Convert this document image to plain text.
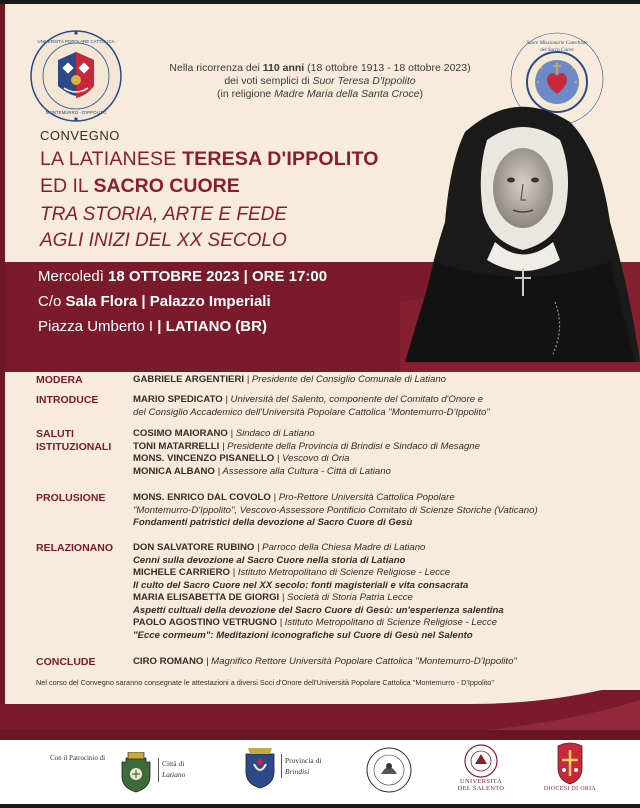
UNIVERSITÀ POPOLARE CATTOLICA
MONTEMURRO - D'IPPOLITO
Suore Missionarie Catechiste
del Sacro Cuore
Nella ricorrenza dei 110 anni (18 ottobre 1913 - 18 ottobre 2023)
dei voti semplici di Suor Teresa D'Ippolito
(in religione Madre Maria della Santa Croce)
CONVEGNO
LA LATIANESE TERESA D'IPPOLITO
ED IL SACRO CUORE
TRA STORIA, ARTE E FEDE
AGLI INIZI DEL XX SECOLO
Mercoledì 18 OTTOBRE 2023 | ORE 17:00
C/o Sala Flora | Palazzo Imperiali
Piazza Umberto I | LATIANO (BR)
MODERA	GABRIELE ARGENTIERI | Presidente del Consiglio Comunale di Latiano
INTRODUCE	MARIO SPEDICATO | Università del Salento, componente del Comitato d'Onore e
del Consiglio Accademico dell'Università Popolare Cattolica "Montemurro-D'Ippolito"
SALUTI ISTITUZIONALI
COSIMO MAIORANO | Sindaco di Latiano
TONI MATARRELLI | Presidente della Provincia di Brindisi e Sindaco di Mesagne
MONS. VINCENZO PISANELLO | Vescovo di Oria
MONICA ALBANO | Assessore alla Cultura - Città di Latiano
PROLUSIONE	MONS. ENRICO DAL COVOLO | Pro-Rettore Università Cattolica Popolare
"Montemurro-D'Ippolito", Vescovo-Assessore Pontificio Comitato di Scienze Storiche (Vaticano)
Fondamenti patristici della devozione al Sacro Cuore di Gesù
RELAZIONANO	DON SALVATORE RUBINO | Parroco della Chiesa Madre di Latiano
Cenni sulla devozione al Sacro Cuore nella storia di Latiano
MICHELE CARRIERO | Istituto Metropolitano di Scienze Religiose - Lecce
Il culto del Sacro Cuore nel XX secolo: fonti magisteriali e vita consacrata
MARIA ELISABETTA DE GIORGI | Società di Storia Patria Lecce
Aspetti cultuali della devozione del Sacro Cuore di Gesù: un'esperienza salentina
PAOLO AGOSTINO VETRUGNO | Istituto Metropolitano di Scienze Religiose - Lecce
"Ecce cormeum": Meditazioni iconografiche sul Cuore di Gesù nel Salento
CONCLUDE	CIRO ROMANO | Magnifico Rettore Università Popolare Cattolica "Montemurro-D'Ippolito"
Nel corso del Convegno saranno consegnate le attestazioni a diversi Soci d'Onore dell'Università Popolare Cattolica "Montemurro - D'Ippolito"
Con il Patrocinio di
Città di
Latiano
Provincia di
Brindisi
UNIVERSITÀ
DEL SALENTO	DIOCESI DI ORIA
